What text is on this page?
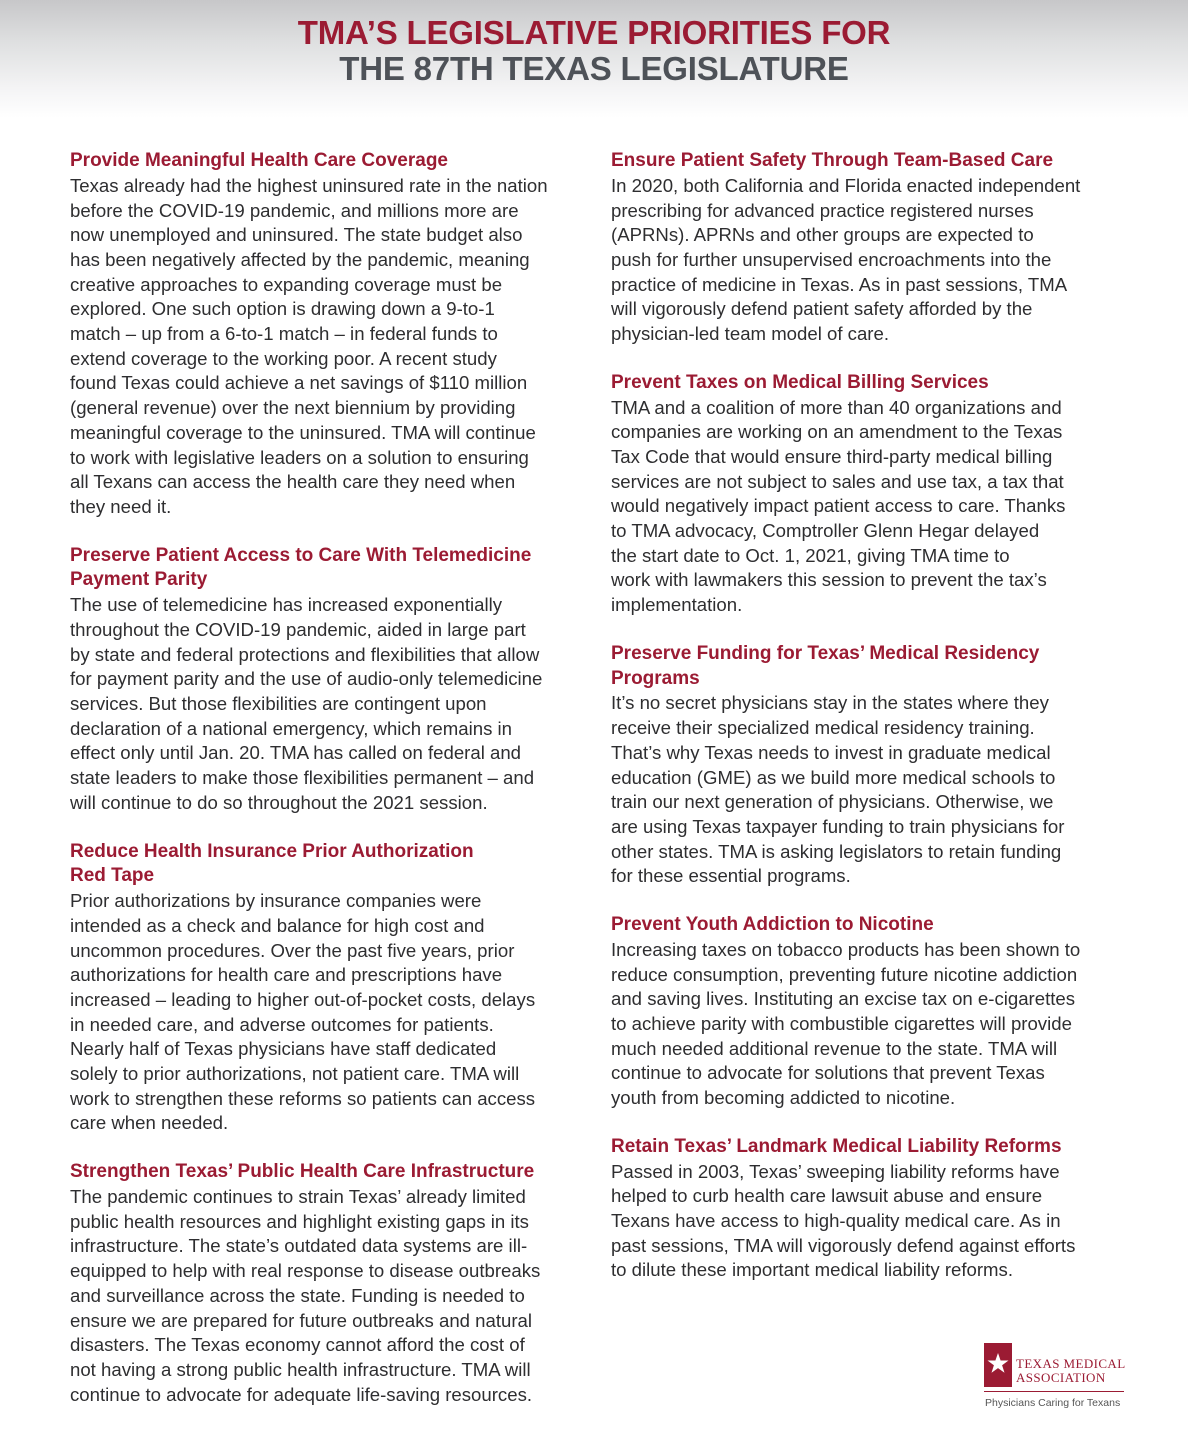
TMA’S LEGISLATIVE PRIORITIES FOR
THE 87TH TEXAS LEGISLATURE
Provide Meaningful Health Care Coverage

Texas already had the highest uninsured rate in the nation
before the COVID-19 pandemic, and millions more are
now unemployed and uninsured. The state budget also
has been negatively affected by the pandemic, meaning
creative approaches to expanding coverage must be
explored. One such option is drawing down a 9-to-1
match – up from a 6-to-1 match – in federal funds to
extend coverage to the working poor. A recent study
found Texas could achieve a net savings of $110 million
(general revenue) over the next biennium by providing
meaningful coverage to the uninsured. TMA will continue
to work with legislative leaders on a solution to ensuring
all Texans can access the health care they need when
they need it.

Preserve Patient Access to Care With Telemedicine
Payment Parity

The use of telemedicine has increased exponentially
throughout the COVID-19 pandemic, aided in large part
by state and federal protections and flexibilities that allow
for payment parity and the use of audio-only telemedicine
services. But those flexibilities are contingent upon
declaration of a national emergency, which remains in
effect only until Jan. 20. TMA has called on federal and
state leaders to make those flexibilities permanent – and
will continue to do so throughout the 2021 session.

Reduce Health Insurance Prior Authorization
Red Tape

Prior authorizations by insurance companies were
intended as a check and balance for high cost and
uncommon procedures. Over the past five years, prior
authorizations for health care and prescriptions have
increased – leading to higher out-of-pocket costs, delays
in needed care, and adverse outcomes for patients.
Nearly half of Texas physicians have staff dedicated
solely to prior authorizations, not patient care. TMA will
work to strengthen these reforms so patients can access
care when needed.

Strengthen Texas’ Public Health Care Infrastructure

The pandemic continues to strain Texas’ already limited
public health resources and highlight existing gaps in its
infrastructure. The state’s outdated data systems are ill-
equipped to help with real response to disease outbreaks
and surveillance across the state. Funding is needed to
ensure we are prepared for future outbreaks and natural
disasters. The Texas economy cannot afford the cost of
not having a strong public health infrastructure. TMA will
continue to advocate for adequate life-saving resources.

Ensure Patient Safety Through Team-Based Care

In 2020, both California and Florida enacted independent
prescribing for advanced practice registered nurses
(APRNs). APRNs and other groups are expected to
push for further unsupervised encroachments into the
practice of medicine in Texas. As in past sessions, TMA
will vigorously defend patient safety afforded by the
physician-led team model of care.

Prevent Taxes on Medical Billing Services

TMA and a coalition of more than 40 organizations and
companies are working on an amendment to the Texas
Tax Code that would ensure third-party medical billing
services are not subject to sales and use tax, a tax that
would negatively impact patient access to care. Thanks
to TMA advocacy, Comptroller Glenn Hegar delayed
the start date to Oct. 1, 2021, giving TMA time to
work with lawmakers this session to prevent the tax’s
implementation.

Preserve Funding for Texas’ Medical Residency
Programs

It’s no secret physicians stay in the states where they
receive their specialized medical residency training.
That’s why Texas needs to invest in graduate medical
education (GME) as we build more medical schools to
train our next generation of physicians. Otherwise, we
are using Texas taxpayer funding to train physicians for
other states. TMA is asking legislators to retain funding
for these essential programs.

Prevent Youth Addiction to Nicotine

Increasing taxes on tobacco products has been shown to
reduce consumption, preventing future nicotine addiction
and saving lives. Instituting an excise tax on e-cigarettes
to achieve parity with combustible cigarettes will provide
much needed additional revenue to the state. TMA will
continue to advocate for solutions that prevent Texas
youth from becoming addicted to nicotine.

Retain Texas’ Landmark Medical Liability Reforms

Passed in 2003, Texas’ sweeping liability reforms have
helped to curb health care lawsuit abuse and ensure
Texans have access to high-quality medical care. As in
past sessions, TMA will vigorously defend against efforts
to dilute these important medical liability reforms.

TEXAS MEDICAL
ASSOCIATION
Physicians Caring for Texans
